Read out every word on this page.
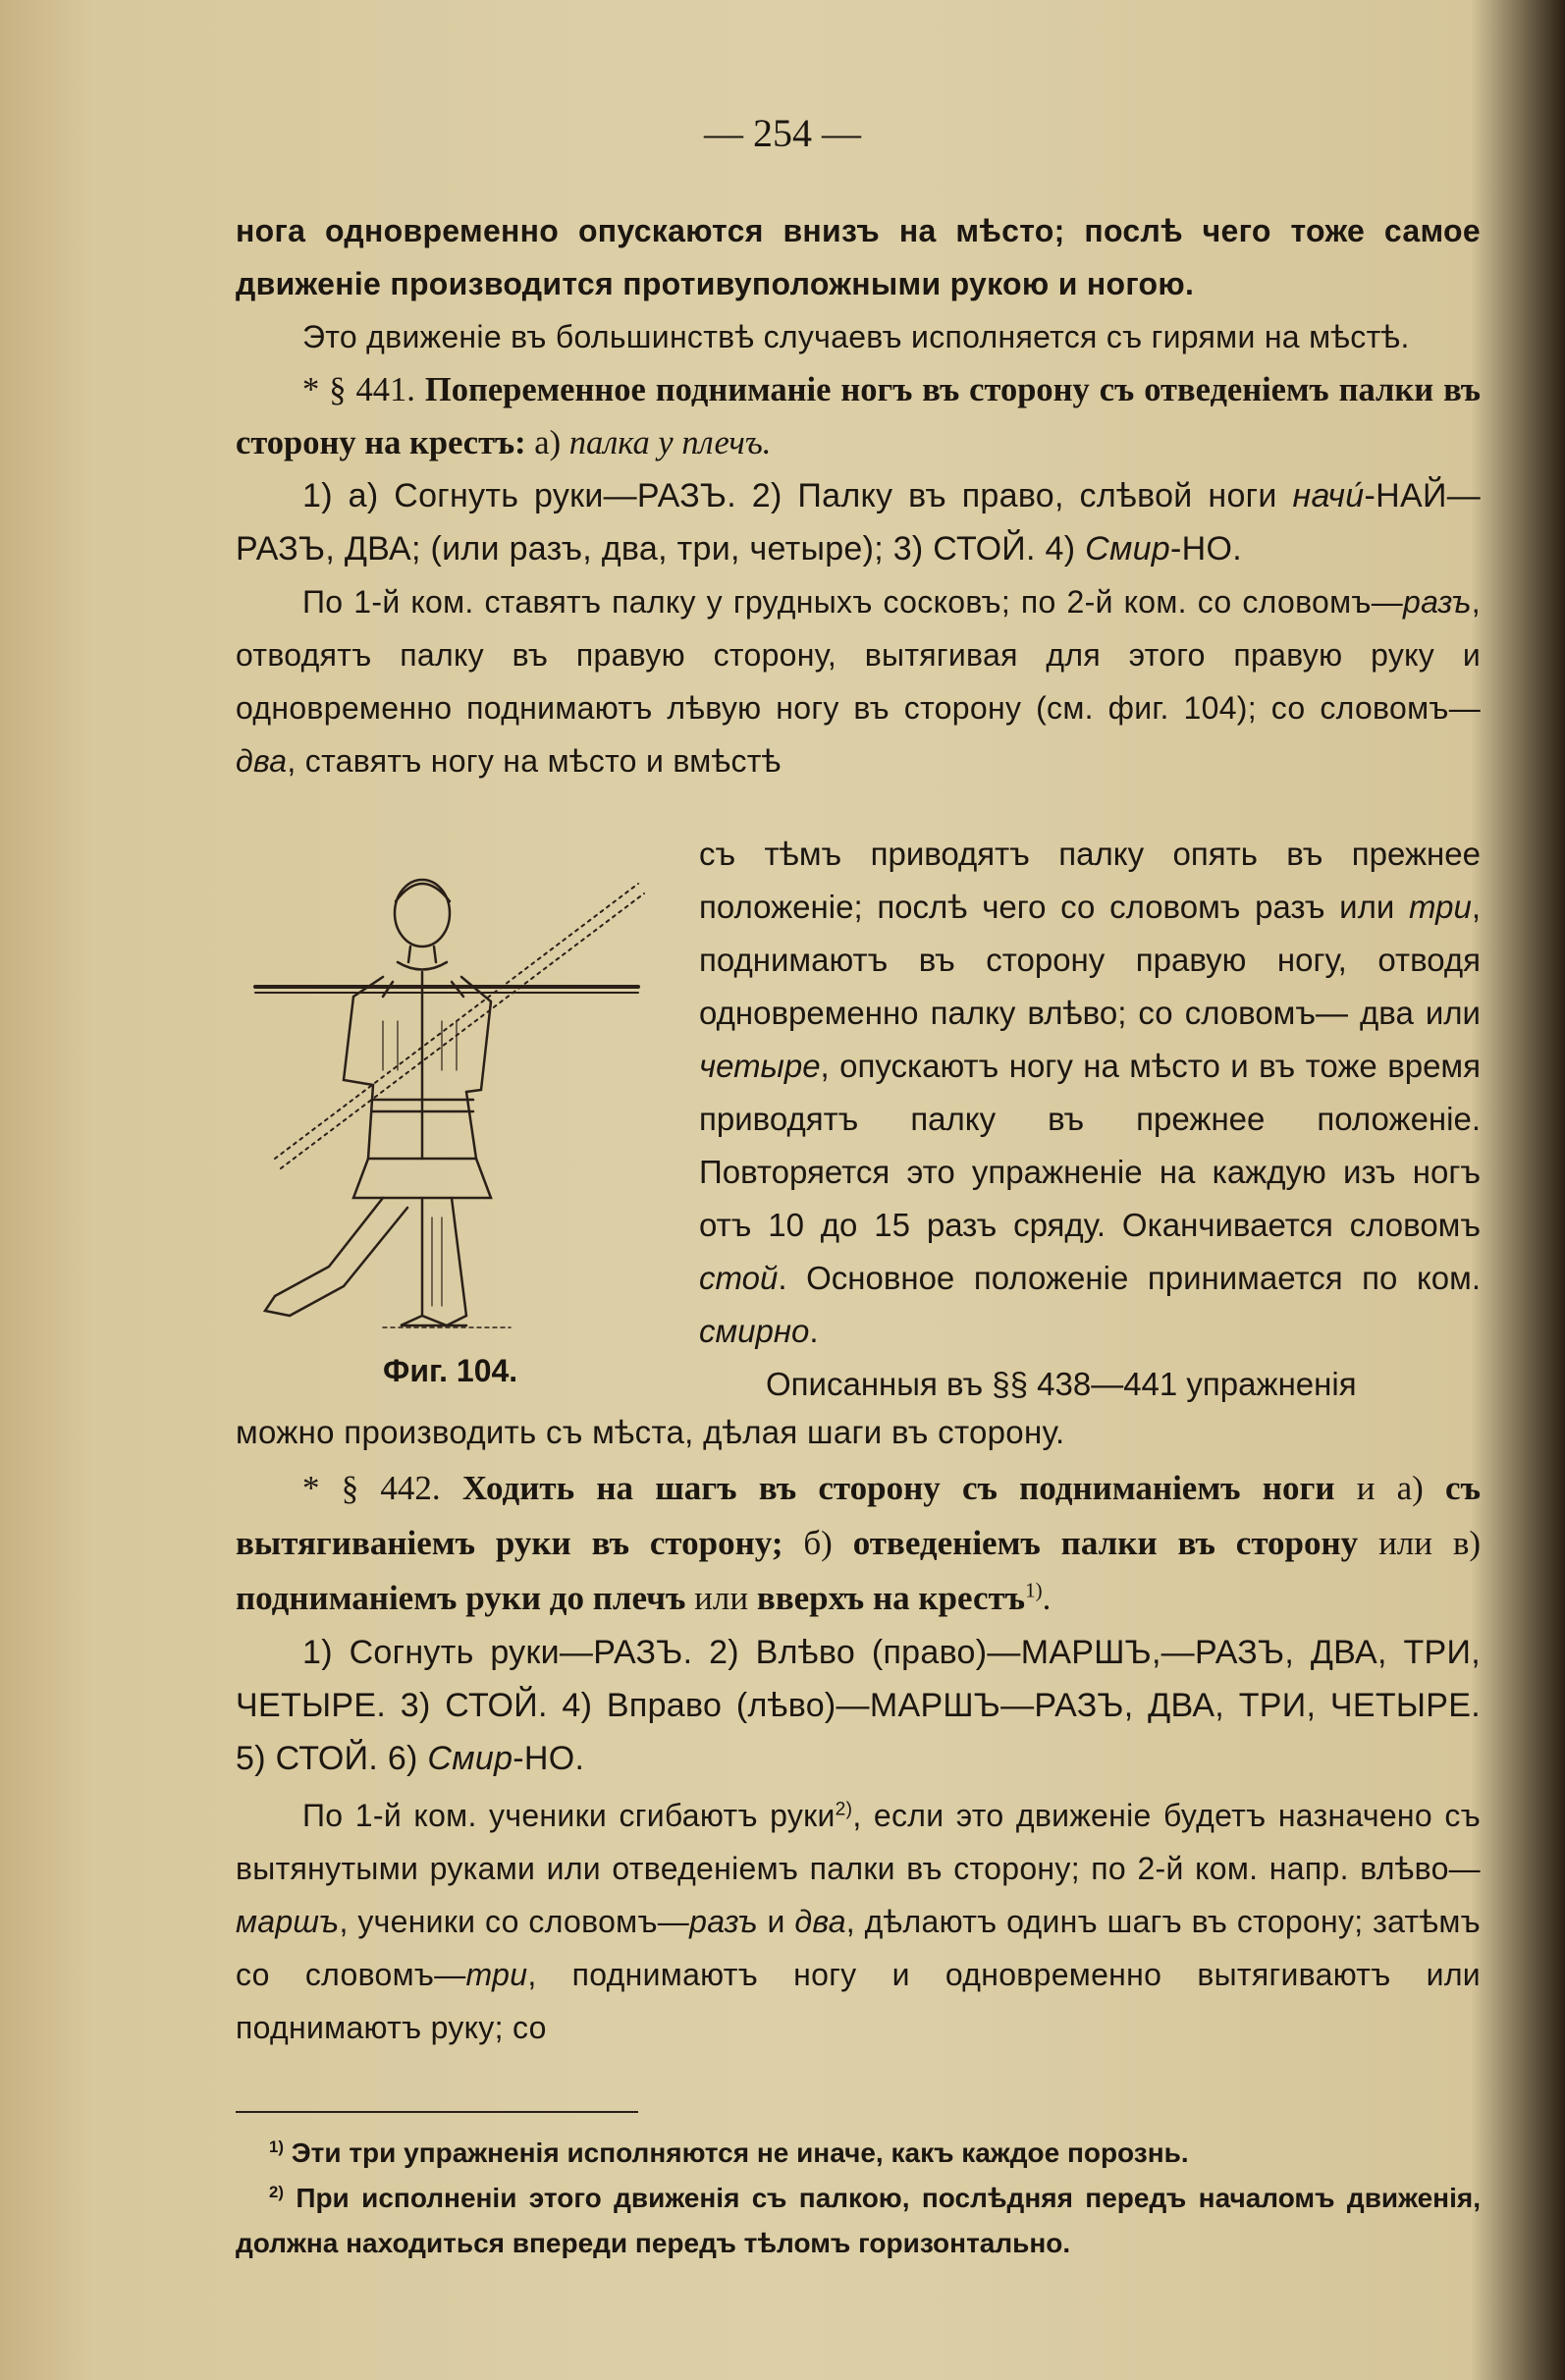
— 254 —

нога одновременно опускаются внизъ на мѣсто; послѣ чего тоже самое движенiе производится противуположными рукою и ногою.

Это движенiе въ большинствѣ случаевъ исполняется съ гирями на мѣстѣ.

* § 441. Попеременное подниманiе ногъ въ сторону съ отведенiемъ палки въ сторону на крестъ: а) палка у плечъ.

1) а) Согнуть руки—РАЗЪ. 2) Палку въ право, слѣвой ноги начи́-НАЙ—РАЗЪ, ДВА; (или разъ, два, три, четыре); 3) СТОЙ. 4) Смир-НО.

По 1-й ком. ставятъ палку у грудныхъ сосковъ; по 2-й ком. со словомъ—разъ, отводятъ палку въ правую сторону, вытягивая для этого правую руку и одновременно поднимаютъ лѣвую ногу въ сторону (см. фиг. 104); со словомъ—два, ставятъ ногу на мѣсто и вмѣстѣ

Фиг. 104.

съ тѣмъ приводятъ палку опять въ прежнее положенiе; послѣ чего со словомъ разъ или три, поднимаютъ въ сторону правую ногу, отводя одновременно палку влѣво; со словомъ— два или четыре, опускаютъ ногу на мѣсто и въ тоже время приводятъ палку въ прежнее положенiе. Повторяется это упражненiе на каждую изъ ногъ отъ 10 до 15 разъ сряду. Оканчивается словомъ стой. Основное положенiе принимается по ком. смирно.

Описанныя въ §§ 438—441 упражненiя

можно производить съ мѣста, дѣлая шаги въ сторону.

* § 442. Ходить на шагъ въ сторону съ подниманiемъ ноги и а) съ вытягиванiемъ руки въ сторону; б) отведенiемъ палки въ сторону или в) подниманiемъ руки до плечъ или вверхъ на крестъ$^{1)}$.

1) Согнуть руки—РАЗЪ. 2) Влѣво (право)—МАРШЪ,—РАЗЪ, ДВА, ТРИ, ЧЕТЫРЕ. 3) СТОЙ. 4) Вправо (лѣво)—МАРШЪ—РАЗЪ, ДВА, ТРИ, ЧЕТЫРЕ. 5) СТОЙ. 6) Смир-НО.

По 1-й ком. ученики сгибаютъ руки$^{2)}$, если это движенiе будетъ назначено съ вытянутыми руками или отведенiемъ палки въ сторону; по 2-й ком. напр. влѣво—маршъ, ученики со словомъ—разъ и два, дѣлаютъ одинъ шагъ въ сторону; затѣмъ со словомъ—три, поднимаютъ ногу и одновременно вытягиваютъ или поднимаютъ руку; со

$^{1)}$ Эти три упражненiя исполняются не иначе, какъ каждое порознь.

$^{2)}$ При исполненiи этого движенiя съ палкою, послѣдняя передъ началомъ движенiя, должна находиться впереди передъ тѣломъ горизонтально.
